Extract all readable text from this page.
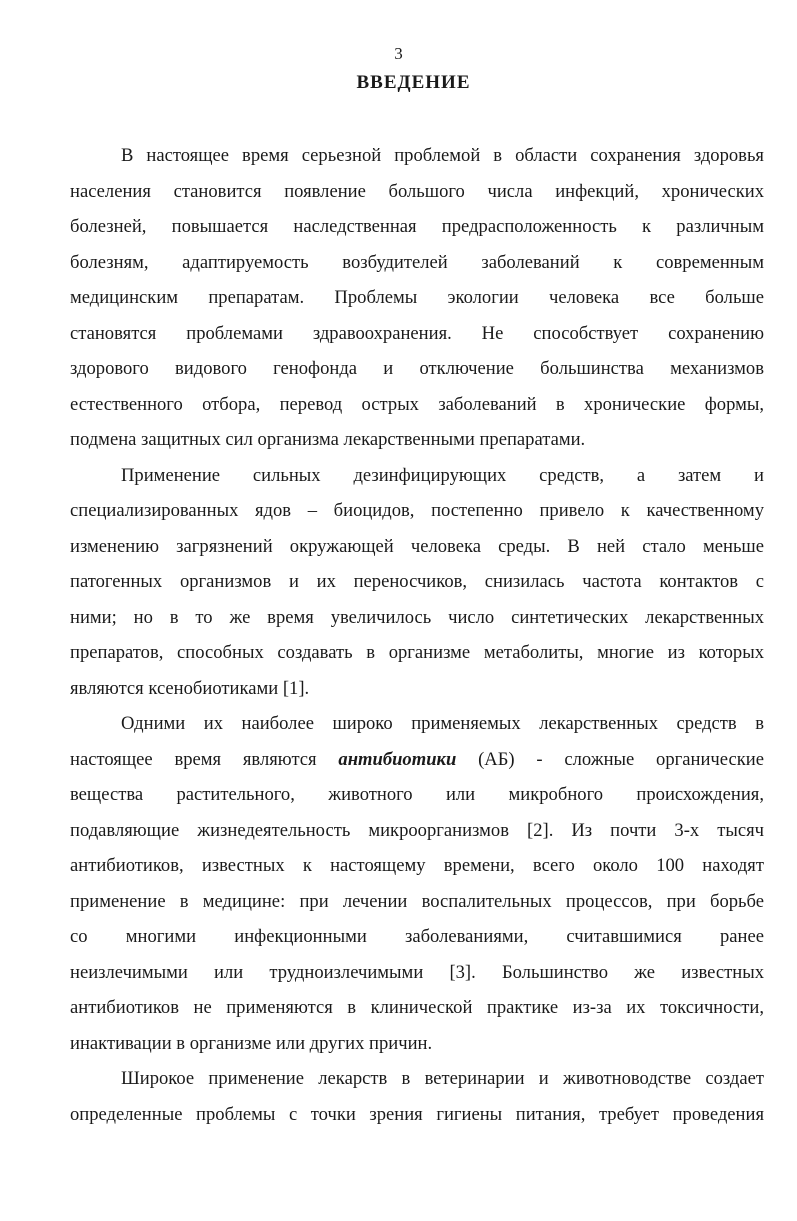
3
ВВЕДЕНИЕ
В настоящее время серьезной проблемой в области сохранения здоровья
населения становится появление большого числа инфекций, хронических
болезней, повышается наследственная предрасположенность к различным
болезням, адаптируемость возбудителей заболеваний к современным
медицинским препаратам. Проблемы экологии человека все больше
становятся проблемами здравоохранения. Не способствует сохранению
здорового видового генофонда и отключение большинства механизмов
естественного отбора, перевод острых заболеваний в хронические формы,
подмена защитных сил организма лекарственными препаратами.
Применение сильных дезинфицирующих средств, а затем и
специализированных ядов – биоцидов, постепенно привело к качественному
изменению загрязнений окружающей человека среды. В ней стало меньше
патогенных организмов и их переносчиков, снизилась частота контактов с
ними; но в то же время увеличилось число синтетических лекарственных
препаратов, способных создавать в организме метаболиты, многие из которых
являются ксенобиотиками [1].
Одними их наиболее широко применяемых лекарственных средств в
настоящее время являются антибиотики (АБ) - сложные органические
вещества растительного, животного или микробного происхождения,
подавляющие жизнедеятельность микроорганизмов [2]. Из почти 3-х тысяч
антибиотиков, известных к настоящему времени, всего около 100 находят
применение в медицине: при лечении воспалительных процессов, при борьбе
со многими инфекционными заболеваниями, считавшимися ранее
неизлечимыми или трудноизлечимыми [3]. Большинство же известных
антибиотиков не применяются в клинической практике из-за их токсичности,
инактивации в организме или других причин.
Широкое применение лекарств в ветеринарии и животноводстве создает
определенные проблемы с точки зрения гигиены питания, требует проведения
